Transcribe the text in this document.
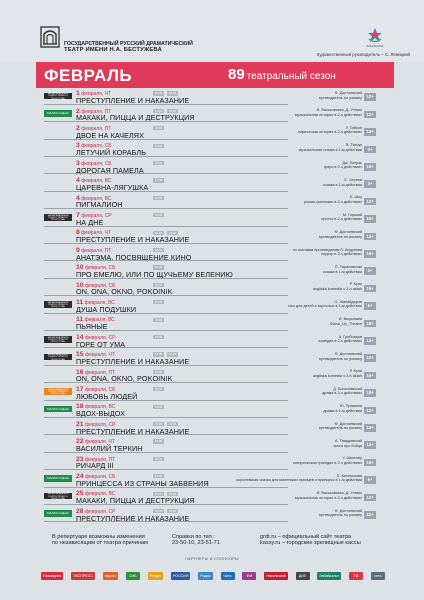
ГОСУДАРСТВЕННЫЙ РУССКИЙ ДРАМАТИЧЕСКИЙ
ТЕАТР ИМЕНИ Н.А. БЕСТУЖЕВА
ЗАБАЙКАЛЬЕ
Художественный руководитель – С. Левицкий
ФЕВРАЛЬ	89 театральный сезон
МАЛАЯ АКАДЕМИЯ ПОДРОСТКОВОГО ИСКУССТВА
1 февраля, ЧТ	15:00	18:30
ПРЕСТУПЛЕНИЕ И НАКАЗАНИЕ
Ф. Достоевский
путеводитель по роману	12+
МАЛАЯ СЦЕНА	2 февраля, ПТ	11:00	18:30
МАКАКИ, ПИЦЦА И ДЕСТРУКЦИЯ
И. Васьковская, Д. Утюмо
музыкальная история в 2-х действиях	12+
2 февраля, ПТ	18:30
ДВОЕ НА КАЧЕЛЯХ
У. Гибсон
лирическая история в 2-х действиях	12+
3 февраля, СБ	12:00
ЛЕТУЧИЙ КОРАБЛЬ
В. Ткачук
музыкальная сказка в 1-м действии	0+
3 февраля, СБ	18:00
ДОРОГАЯ ПАМЕЛА
Дж. Патрик
фарс в 2-х действиях	16+
4 февраля, ВС	12:00
ЦАРЕВНА-ЛЯГУШКА
Е. Чернов
сказка в 1-м действии	0+
4 февраля, ВС	18:00
ПИГМАЛИОН
Б. Шоу
роман-фантазия в 2-х действиях	12+
МАЛАЯ АКАДЕМИЯ ПОДРОСТКОВОГО ИСКУССТВА
7 февраля, СР	15:00
НА ДНЕ
М. Горький
притча в 2-х действиях	16+
8 февраля, ЧТ	15:00	18:30
ПРЕСТУПЛЕНИЕ И НАКАЗАНИЕ
Ф. Достоевский
путеводитель по роману	12+
9 февраля, ПТ	18:30
АНАТЭМА. ПОСВЯЩЕНИЕ КИНО
по мотивам произведения Л. Андреева
хоррор в 2-х действиях	16+
10 февраля, СБ	12:00
ПРО ЕМЕЛЮ, ИЛИ ПО ЩУЧЬЕМУ ВЕЛЕНИЮ
Е. Тараховская
сказка в 1-м действии	0+
10 февраля, СБ	18:00
ON, ONA, OKNO, POKOINIK
Р. Куни
angliska komedia v 2-h aktah	16+
МАЛАЯ АКАДЕМИЯ ПОДРОСТКОВОГО ИСКУССТВА
11 февраля, ВС	12:00
ДУША ПОДУШКИ
О. Жанайдаров
сны для детей и взрослых в 1-м действии	6+
11 февраля, ВС	18:00
ПЬЯНЫЕ
И. Вырыпаев
Stand_Up_Theatre	18+
МАЛАЯ АКАДЕМИЯ ПОДРОСТКОВОГО ИСКУССТВА
14 февраля, СР	15:00
ГОРЕ ОТ УМА
А. Грибоедов
комедия в 2-х действиях	12+
МАЛАЯ АКАДЕМИЯ ПОДРОСТКОВОГО ИСКУССТВА
15 февраля, ЧТ	15:00	18:30
ПРЕСТУПЛЕНИЕ И НАКАЗАНИЕ
Ф. Достоевский
путеводитель по роману	12+
16 февраля, ПТ	18:30
ON, ONA, OKNO, POKOINIK
Р. Куни
angliska komedia v 2-h aktah	16+
МАЛАЯ АКАДЕМИЯ ПОДРОСТКОВОГО ИСКУССТВА
17 февраля, СБ	18:00
ЛЮБОВЬ ЛЮДЕЙ
Д. Богославский
драма в 2-х действиях	18+
МАЛАЯ СЦЕНА	18 февраля, ВС	12:00
ВДОХ-ВЫДОХ
Ю. Тупикина
драма в 1-м действии	12+
21 февраля, СР	15:00	18:30
ПРЕСТУПЛЕНИЕ И НАКАЗАНИЕ
Ф. Достоевский
путеводитель по роману	12+
22 февраля, ЧТ	15:00
ВАСИЛИЙ ТЕРКИН
А. Твардовский
книга про бойца	12+
23 февраля, ПТ	18:30
РИЧАРД III
У. Шекспир
сатирическая трагедия в 2-х действиях	16+
МАЛАЯ СЦЕНА	24 февраля, СБ	12:00
ПРИНЦЕССА ИЗ СТРАНЫ ЗАБВЕНИЯ
Е. Киселькова
королевская сказка для маленьких принцев и принцесс в 1-м действии	6+
МАЛАЯ АКАДЕМИЯ ПОДРОСТКОВОГО ИСКУССТВА
25 февраля, ВС	12:00	18:00
МАКАКИ, ПИЦЦА И ДЕСТРУКЦИЯ
И. Васьковская, Д. Утюмо
музыкальная история в 2-х действиях	12+
МАЛАЯ СЦЕНА	28 февраля, СР	15:00	18:30
ПРЕСТУПЛЕНИЕ И НАКАЗАНИЕ
Ф. Достоевский
путеводитель по роману	12+
В репертуаре возможны изменения
по независящим от театра причинам
Справки по тел.:
23-50-10, 23-51-71
grdt.ru – официальный сайт театра
kassy.ru – городские зрелищные кассы
ПАРТНЕРЫ И СПОНСОРЫ
Пивоварня	ЭКСПРЕСС	вкусно	СИБ	Ресурс	РОССИЯ	Радио	Чита	ФМ	Никольский	ДИЛ	Забайкалье	ТВ	сеть
